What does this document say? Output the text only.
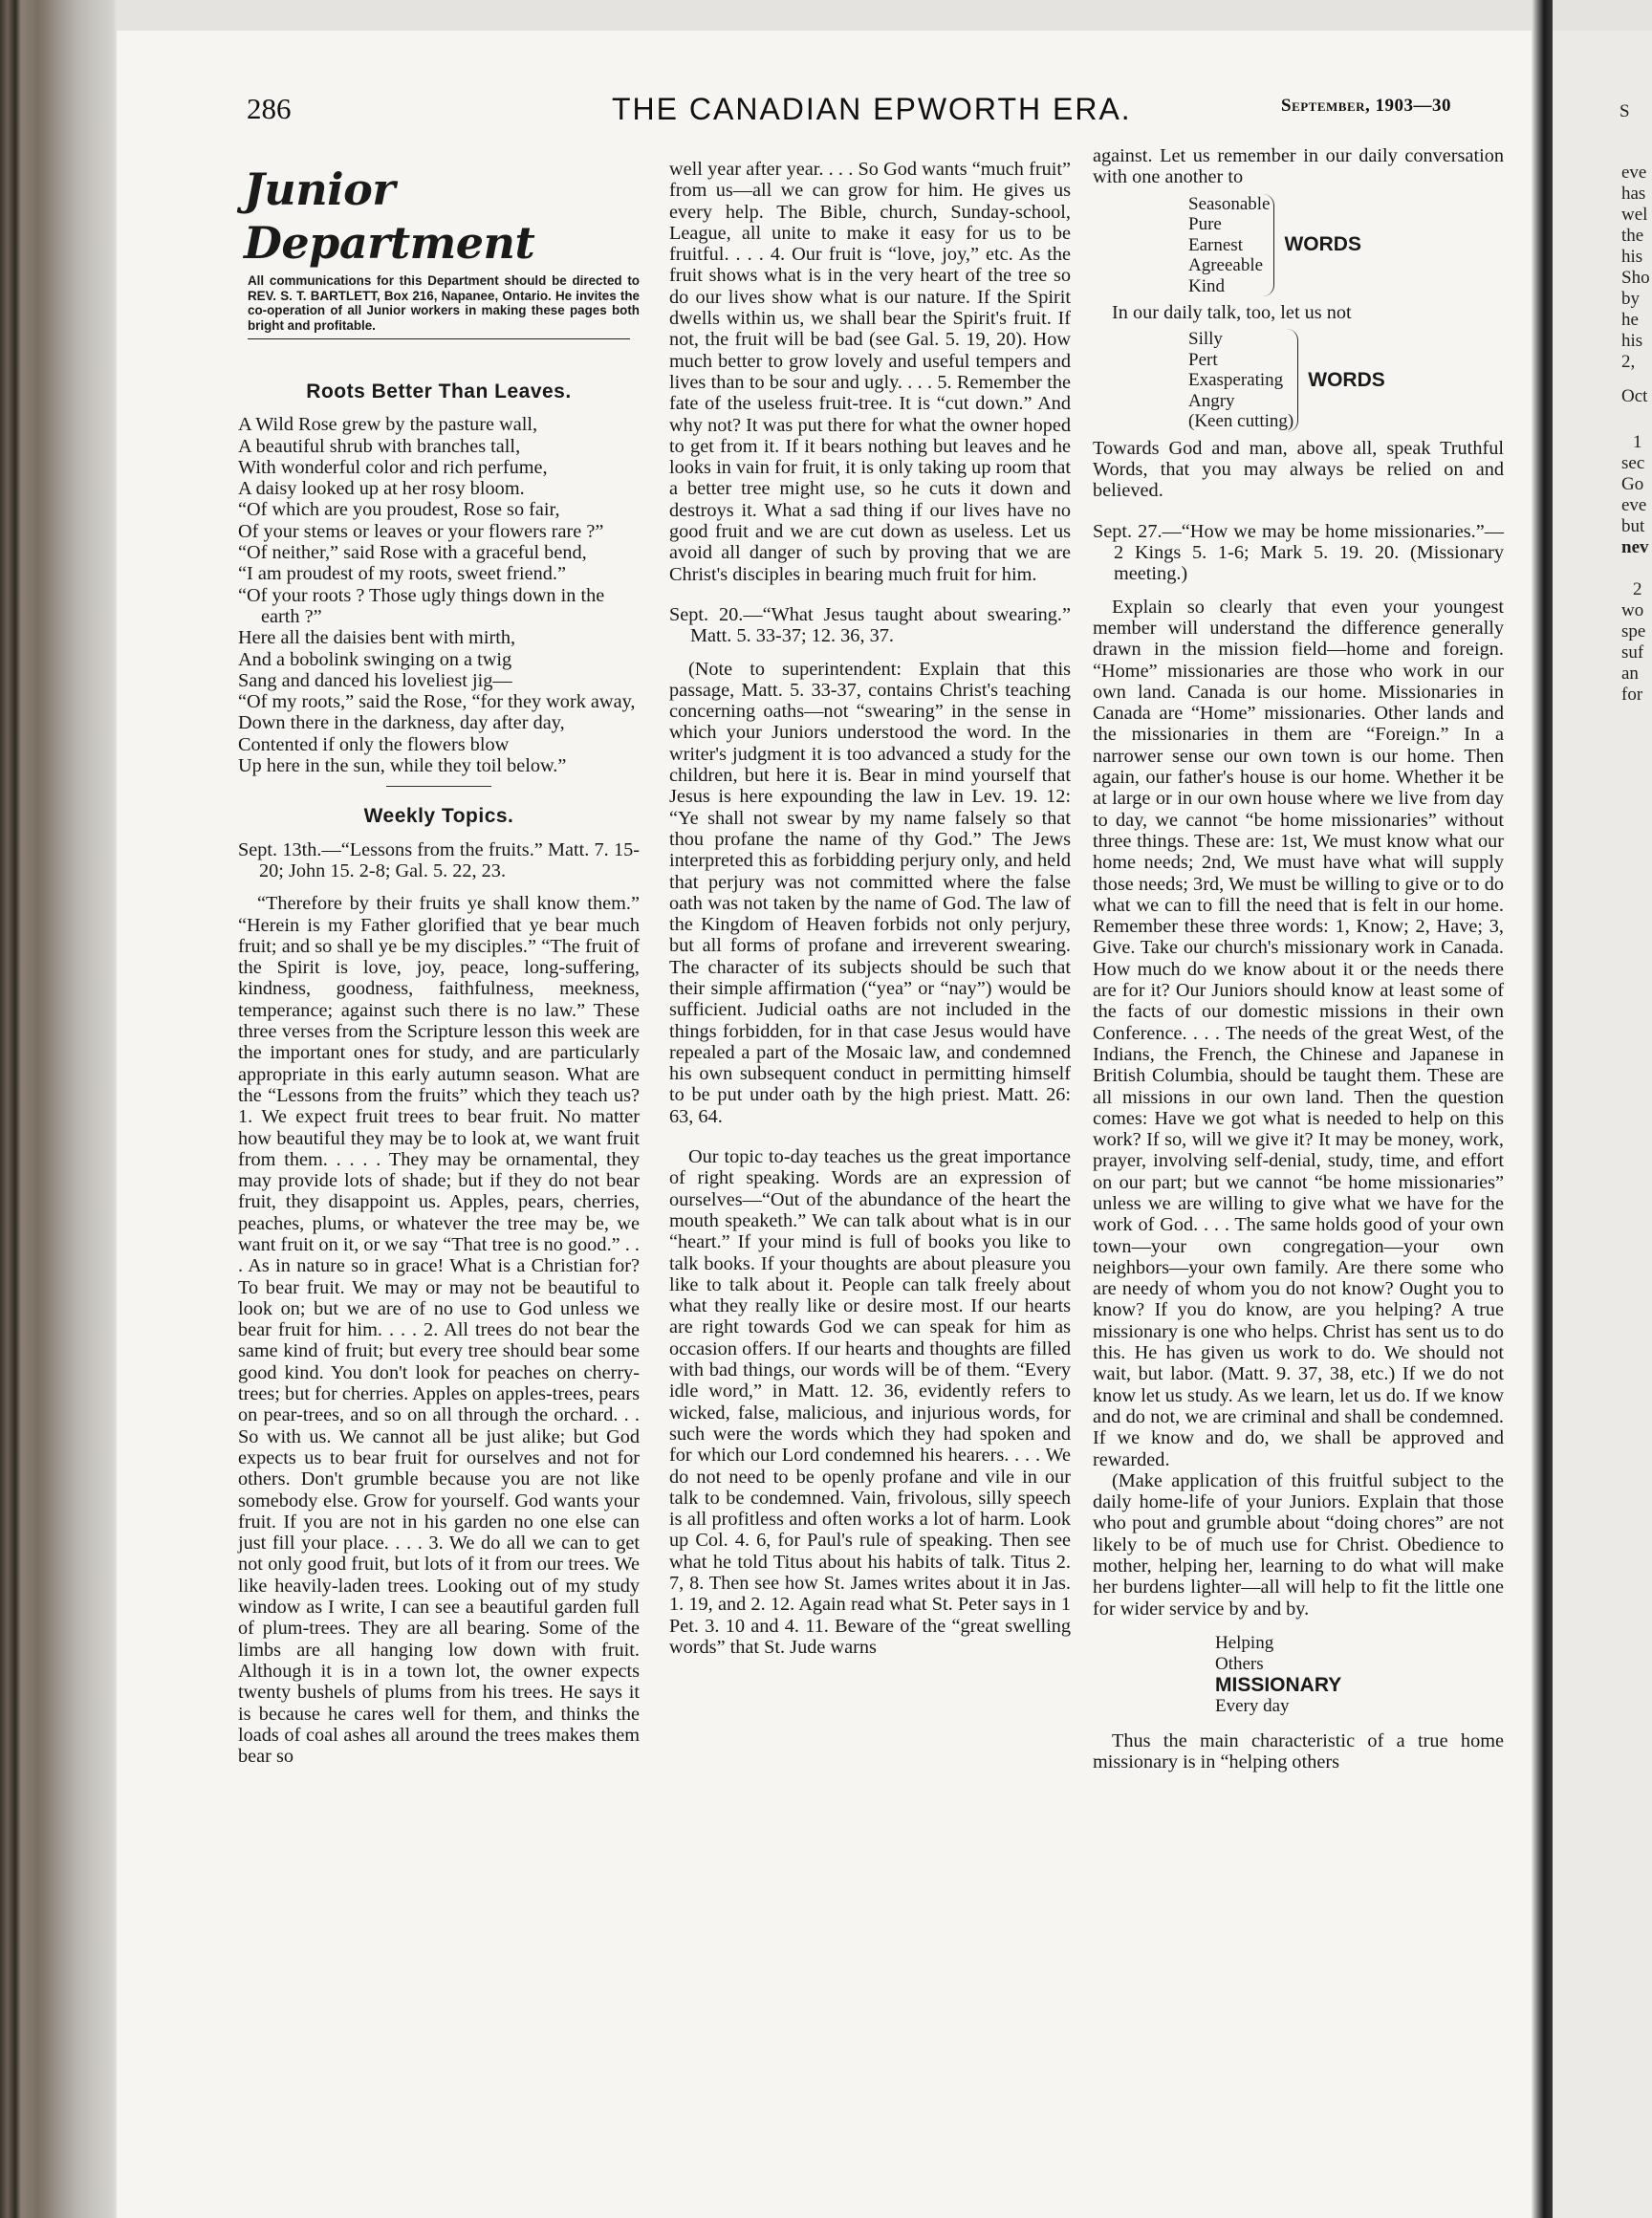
286	THE CANADIAN EPWORTH ERA.	September, 1903—30
Junior Department

All communications for this Department should be directed to REV. S. T. BARTLETT, Box 216, Napanee, Ontario. He invites the co-operation of all Junior workers in making these pages both bright and profitable.

Roots Better Than Leaves.

A Wild Rose grew by the pasture wall,

A beautiful shrub with branches tall,

With wonderful color and rich perfume,

A daisy looked up at her rosy bloom.

“Of which are you proudest, Rose so fair,

Of your stems or leaves or your flowers rare ?”

“Of neither,” said Rose with a graceful bend,

“I am proudest of my roots, sweet friend.”

“Of your roots ? Those ugly things down in the earth ?”

Here all the daisies bent with mirth,

And a bobolink swinging on a twig

Sang and danced his loveliest jig—

“Of my roots,” said the Rose, “for they work away,

Down there in the darkness, day after day,

Contented if only the flowers blow

Up here in the sun, while they toil below.”

Weekly Topics.

Sept. 13th.—“Lessons from the fruits.” Matt. 7. 15-20; John 15. 2-8; Gal. 5. 22, 23.

“Therefore by their fruits ye shall know them.” “Herein is my Father glorified that ye bear much fruit; and so shall ye be my disciples.” “The fruit of the Spirit is love, joy, peace, long-suffering, kindness, goodness, faithfulness, meekness, temperance; against such there is no law.” These three verses from the Scripture lesson this week are the important ones for study, and are particularly appropriate in this early autumn season. What are the “Lessons from the fruits” which they teach us? 1. We expect fruit trees to bear fruit. No matter how beautiful they may be to look at, we want fruit from them. . . . . They may be ornamental, they may provide lots of shade; but if they do not bear fruit, they disappoint us. Apples, pears, cherries, peaches, plums, or whatever the tree may be, we want fruit on it, or we say “That tree is no good.” . . . As in nature so in grace! What is a Christian for? To bear fruit. We may or may not be beautiful to look on; but we are of no use to God unless we bear fruit for him. . . . 2. All trees do not bear the same kind of fruit; but every tree should bear some good kind. You don't look for peaches on cherry-trees; but for cherries. Apples on apples-trees, pears on pear-trees, and so on all through the orchard. . . So with us. We cannot all be just alike; but God expects us to bear fruit for ourselves and not for others. Don't grumble because you are not like somebody else. Grow for yourself. God wants your fruit. If you are not in his garden no one else can just fill your place. . . . 3. We do all we can to get not only good fruit, but lots of it from our trees. We like heavily-laden trees. Looking out of my study window as I write, I can see a beautiful garden full of plum-trees. They are all bearing. Some of the limbs are all hanging low down with fruit. Although it is in a town lot, the owner expects twenty bushels of plums from his trees. He says it is because he cares well for them, and thinks the loads of coal ashes all around the trees makes them bear so

well year after year. . . . So God wants “much fruit” from us—all we can grow for him. He gives us every help. The Bible, church, Sunday-school, League, all unite to make it easy for us to be fruitful. . . . 4. Our fruit is “love, joy,” etc. As the fruit shows what is in the very heart of the tree so do our lives show what is our nature. If the Spirit dwells within us, we shall bear the Spirit's fruit. If not, the fruit will be bad (see Gal. 5. 19, 20). How much better to grow lovely and useful tempers and lives than to be sour and ugly. . . . 5. Remember the fate of the useless fruit-tree. It is “cut down.” And why not? It was put there for what the owner hoped to get from it. If it bears nothing but leaves and he looks in vain for fruit, it is only taking up room that a better tree might use, so he cuts it down and destroys it. What a sad thing if our lives have no good fruit and we are cut down as useless. Let us avoid all danger of such by proving that we are Christ's disciples in bearing much fruit for him.

Sept. 20.—“What Jesus taught about swearing.” Matt. 5. 33-37; 12. 36, 37.

(Note to superintendent: Explain that this passage, Matt. 5. 33-37, contains Christ's teaching concerning oaths—not “swearing” in the sense in which your Juniors understood the word. In the writer's judgment it is too advanced a study for the children, but here it is. Bear in mind yourself that Jesus is here expounding the law in Lev. 19. 12: “Ye shall not swear by my name falsely so that thou profane the name of thy God.” The Jews interpreted this as forbidding perjury only, and held that perjury was not committed where the false oath was not taken by the name of God. The law of the Kingdom of Heaven forbids not only perjury, but all forms of profane and irreverent swearing. The character of its subjects should be such that their simple affirmation (“yea” or “nay”) would be sufficient. Judicial oaths are not included in the things forbidden, for in that case Jesus would have repealed a part of the Mosaic law, and condemned his own subsequent conduct in permitting himself to be put under oath by the high priest. Matt. 26: 63, 64.

Our topic to-day teaches us the great importance of right speaking. Words are an expression of ourselves—“Out of the abundance of the heart the mouth speaketh.” We can talk about what is in our “heart.” If your mind is full of books you like to talk books. If your thoughts are about pleasure you like to talk about it. People can talk freely about what they really like or desire most. If our hearts are right towards God we can speak for him as occasion offers. If our hearts and thoughts are filled with bad things, our words will be of them. “Every idle word,” in Matt. 12. 36, evidently refers to wicked, false, malicious, and injurious words, for such were the words which they had spoken and for which our Lord condemned his hearers. . . . We do not need to be openly profane and vile in our talk to be condemned. Vain, frivolous, silly speech is all profitless and often works a lot of harm. Look up Col. 4. 6, for Paul's rule of speaking. Then see what he told Titus about his habits of talk. Titus 2. 7, 8. Then see how St. James writes about it in Jas. 1. 19, and 2. 12. Again read what St. Peter says in 1 Pet. 3. 10 and 4. 11. Beware of the “great swelling words” that St. Jude warns

against. Let us remember in our daily conversation with one another to

Seasonable
Pure
Earnest
Agreeable
Kind
WORDS

In our daily talk, too, let us not

Silly
Pert
Exasperating
Angry
(Keen cutting)
WORDS

Towards God and man, above all, speak Truthful Words, that you may always be relied on and believed.

Sept. 27.—“How we may be home missionaries.”—2 Kings 5. 1-6; Mark 5. 19. 20. (Missionary meeting.)

Explain so clearly that even your youngest member will understand the difference generally drawn in the mission field—home and foreign. “Home” missionaries are those who work in our own land. Canada is our home. Missionaries in Canada are “Home” missionaries. Other lands and the missionaries in them are “Foreign.” In a narrower sense our own town is our home. Then again, our father's house is our home. Whether it be at large or in our own house where we live from day to day, we cannot “be home missionaries” without three things. These are: 1st, We must know what our home needs; 2nd, We must have what will supply those needs; 3rd, We must be willing to give or to do what we can to fill the need that is felt in our home. Remember these three words: 1, Know; 2, Have; 3, Give. Take our church's missionary work in Canada. How much do we know about it or the needs there are for it? Our Juniors should know at least some of the facts of our domestic missions in their own Conference. . . . The needs of the great West, of the Indians, the French, the Chinese and Japanese in British Columbia, should be taught them. These are all missions in our own land. Then the question comes: Have we got what is needed to help on this work? If so, will we give it? It may be money, work, prayer, involving self-denial, study, time, and effort on our part; but we cannot “be home missionaries” unless we are willing to give what we have for the work of God. . . . The same holds good of your own town—your own congregation—your own neighbors—your own family. Are there some who are needy of whom you do not know? Ought you to know? If you do know, are you helping? A true missionary is one who helps. Christ has sent us to do this. He has given us work to do. We should not wait, but labor. (Matt. 9. 37, 38, etc.) If we do not know let us study. As we learn, let us do. If we know and do not, we are criminal and shall be condemned. If we know and do, we shall be approved and rewarded.

(Make application of this fruitful subject to the daily home-life of your Juniors. Explain that those who pout and grumble about “doing chores” are not likely to be of much use for Christ. Obedience to mother, helping her, learning to do what will make her burdens lighter—all will help to fit the little one for wider service by and by.

Helping
Others
MISSIONARY
Every day

Thus the main characteristic of a true home missionary is in “helping others

S
eve
has
wel
the
his
Sho
by
he
his
2,
Oct
1
sec
Go
eve
but
nev
2
wo
spe
suf
an
for
